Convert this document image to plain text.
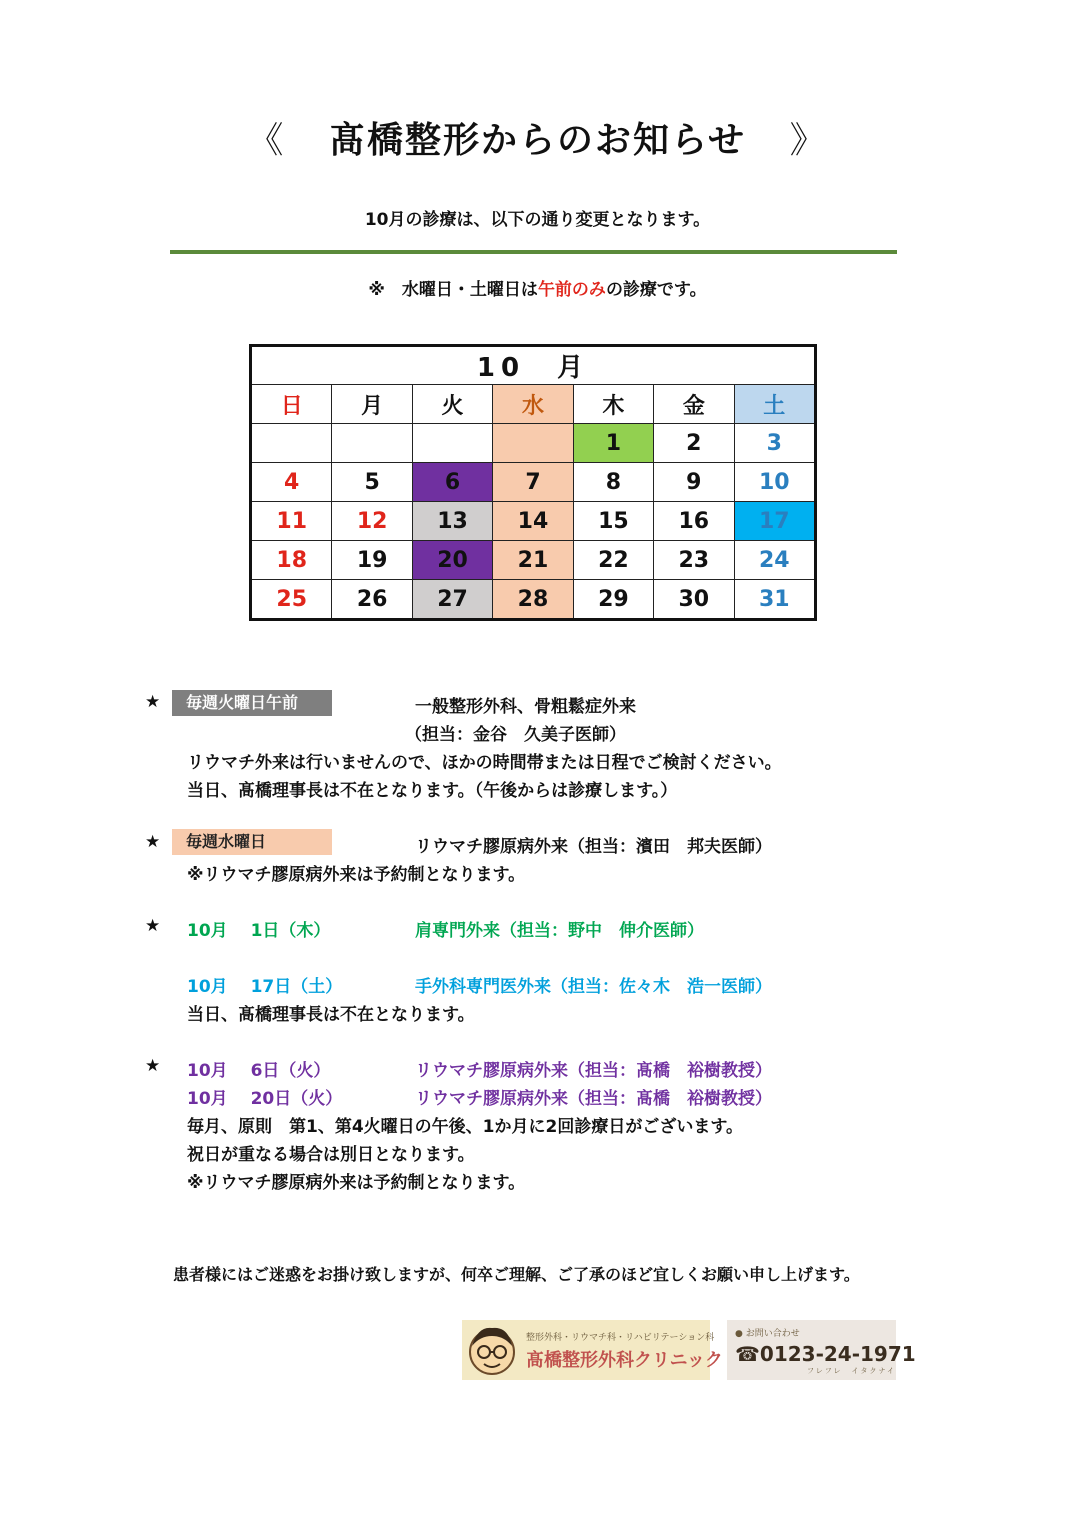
《 髙橋整形からのお知らせ 》
10月の診療は、以下の通り変更となります。
※　水曜日・土曜日は午前のみの診療です。
10　月						
日	月	火	水	木	金	土
				1	2	3
4	5	6	7	8	9	10
11	12	13	14	15	16	17
18	19	20	21	22	23	24
25	26	27	28	29	30	31
★	毎週火曜日午前	一般整形外科、骨粗鬆症外来
（担当：金谷　久美子医師）
リウマチ外来は行いませんので、ほかの時間帯または日程でご検討ください。
当日、髙橋理事長は不在となります。（午後からは診療します。）
★	毎週水曜日	リウマチ膠原病外来（担当：濱田　邦夫医師）
※リウマチ膠原病外来は予約制となります。
★ 10月　 1日（木）	肩専門外来（担当：野中　伸介医師）
10月　 17日（土）	手外科専門医外来（担当：佐々木　浩一医師）
当日、髙橋理事長は不在となります。
★ 10月　 6日（火）	リウマチ膠原病外来（担当：髙橋　裕樹教授）
10月　 20日（火）	リウマチ膠原病外来（担当：髙橋　裕樹教授）
毎月、原則　第1、第4火曜日の午後、1か月に2回診療日がございます。
祝日が重なる場合は別日となります。
※リウマチ膠原病外来は予約制となります。
患者様にはご迷惑をお掛け致しますが、何卒ご理解、ご了承のほど宜しくお願い申し上げます。
整形外科・リウマチ科・リハビリテーション科
髙橋整形外科クリニック
● お問い合わせ
☎0123-24-1971
フレフレ　イタクナイ
